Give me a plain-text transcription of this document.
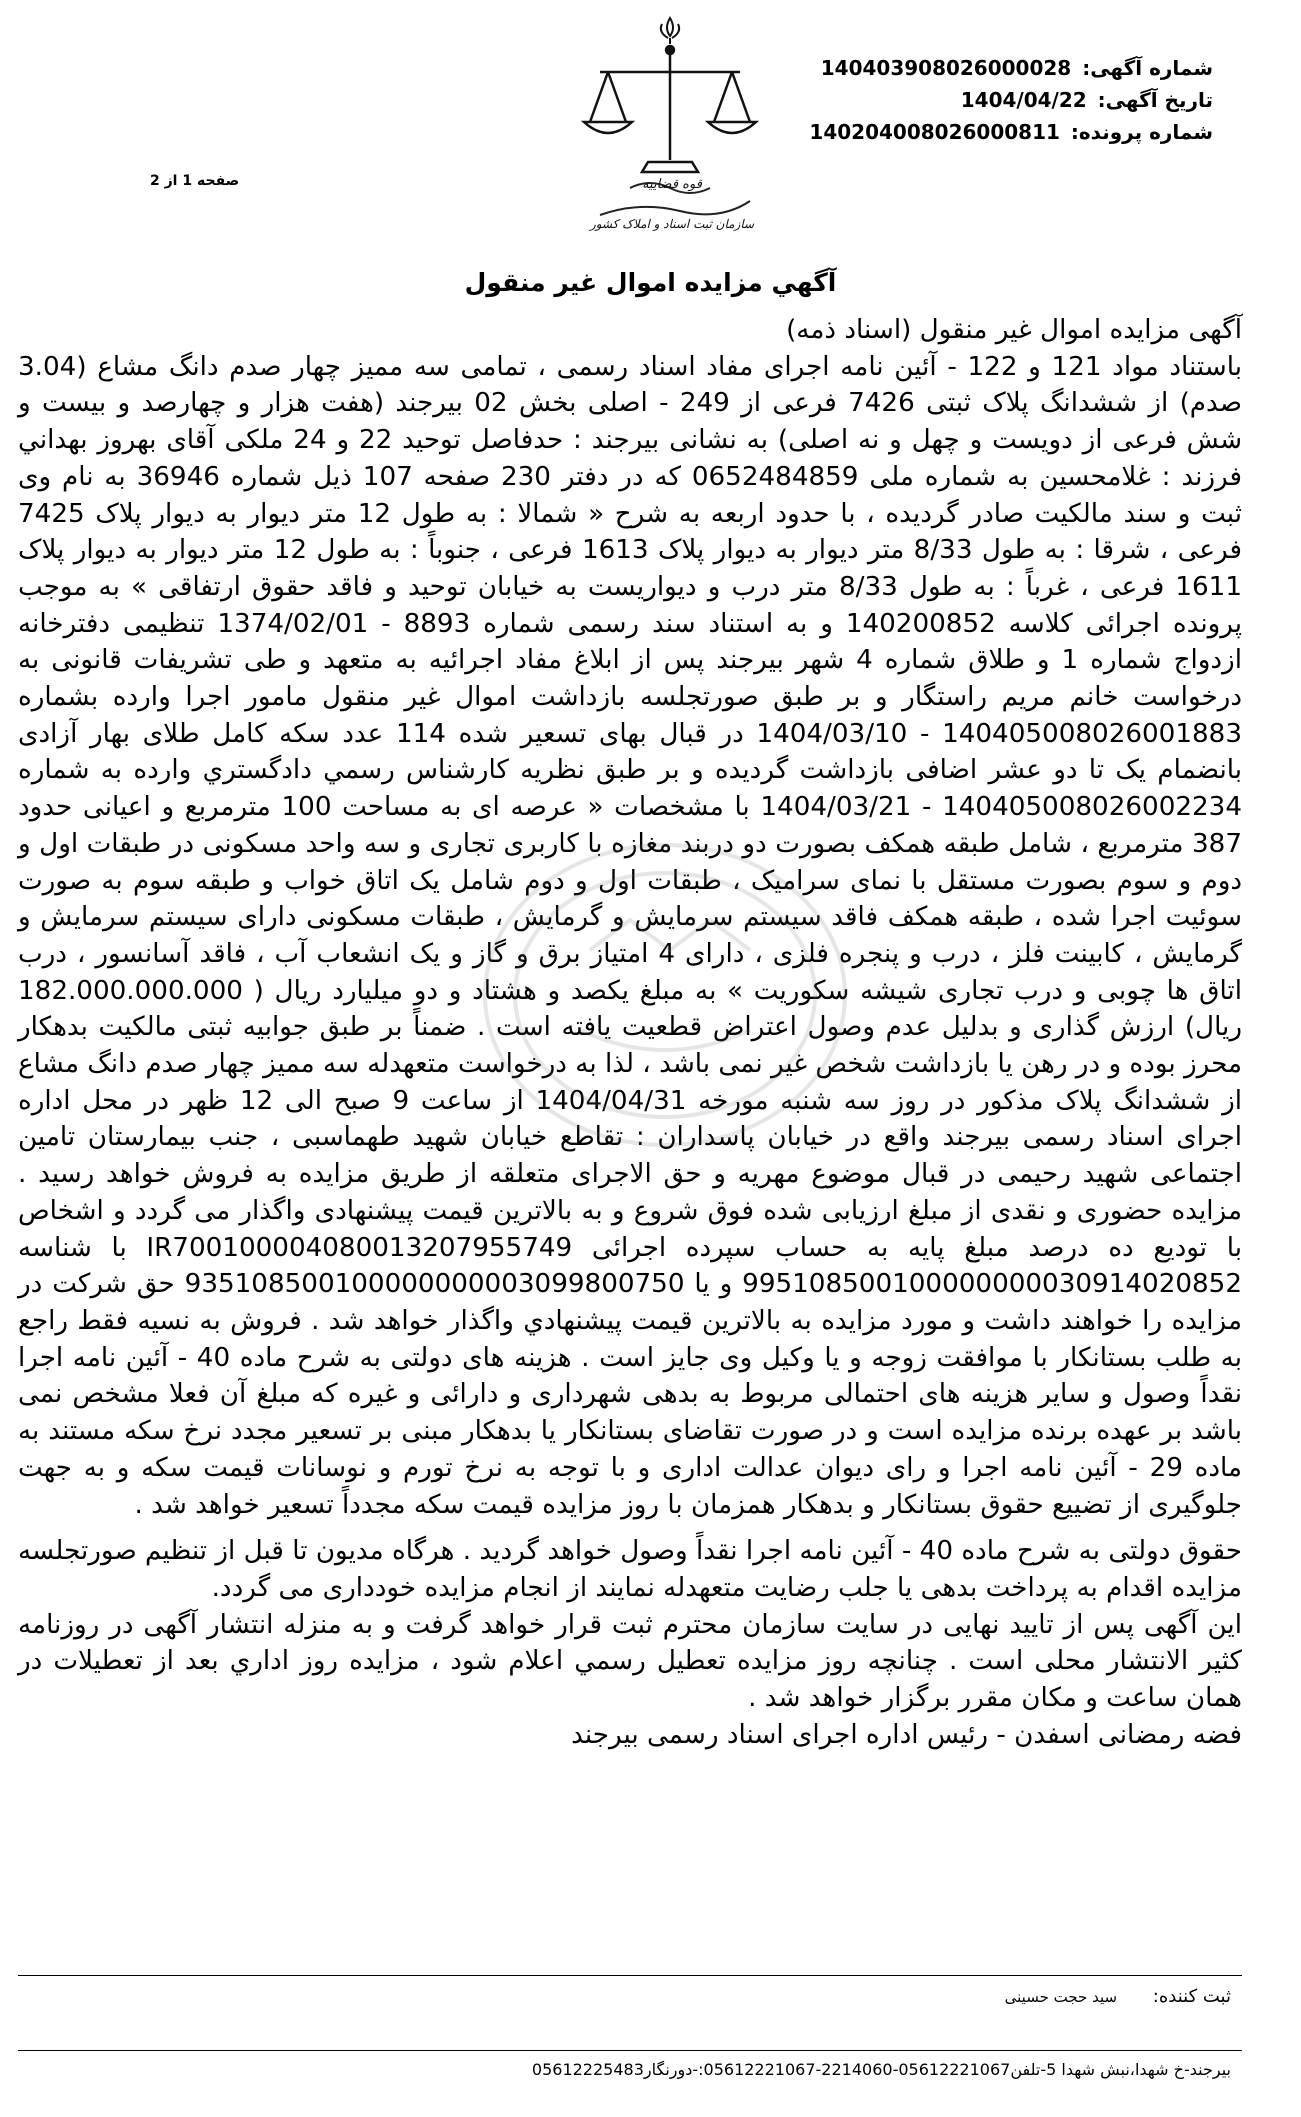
قوه قضاییه
سازمان ثبت اسناد و املاک کشور
صفحه 1 از 2
شماره آگهی: 140403908026000028
تاریخ آگهی: 1404/04/22
شماره پرونده: 140204008026000811
آگهي مزايده اموال غير منقول

آگهی مزایده اموال غیر منقول (اسناد ذمه)

باستناد مواد 121 و 122 - آئین نامه اجرای مفاد اسناد رسمی ، تمامی سه ممیز چهار صدم دانگ مشاع (3.04 صدم) از ششدانگ پلاک ثبتی 7426 فرعی از 249 - اصلی بخش 02 بیرجند (هفت هزار و چهارصد و بیست و شش فرعی از دویست و چهل و نه اصلی) به نشانی بیرجند : حدفاصل توحید 22 و 24 ملکی آقای بهروز بهداني فرزند : غلامحسین به شماره ملی 0652484859 که در دفتر 230 صفحه 107 ذیل شماره 36946 به نام وی ثبت و سند مالکیت صادر گردیده ، با حدود اربعه به شرح « شمالا : به طول 12 متر دیوار به دیوار پلاک 7425 فرعی ، شرقا : به طول 8/33 متر دیوار به دیوار پلاک 1613 فرعی ، جنوباً : به طول 12 متر دیوار به دیوار پلاک 1611 فرعی ، غرباً : به طول 8/33 متر درب و دیواریست به خیابان توحید و فاقد حقوق ارتفاقی » به موجب پرونده اجرائی کلاسه 140200852 و به استناد سند رسمی شماره 8893 - 1374/02/01 تنظیمی دفترخانه ازدواج شماره 1 و طلاق شماره 4 شهر بیرجند پس از ابلاغ مفاد اجرائیه به متعهد و طی تشریفات قانونی به درخواست خانم مریم راستگار و بر طبق صورتجلسه بازداشت اموال غیر منقول مامور اجرا وارده بشماره 140405008026001883 - 1404/03/10 در قبال بهای تسعیر شده 114 عدد سکه کامل طلای بهار آزادی بانضمام یک تا دو عشر اضافی بازداشت گردیده و بر طبق نظریه کارشناس رسمي دادگستري وارده به شماره 140405008026002234 - 1404/03/21 با مشخصات « عرصه ای به مساحت 100 مترمربع و اعیانی حدود 387 مترمربع ، شامل طبقه همکف بصورت دو دربند مغازه با کاربری تجاری و سه واحد مسکونی در طبقات اول و دوم و سوم بصورت مستقل با نمای سرامیک ، طبقات اول و دوم شامل یک اتاق خواب و طبقه سوم به صورت سوئیت اجرا شده ، طبقه همکف فاقد سیستم سرمایش و گرمایش ، طبقات مسکونی دارای سیستم سرمایش و گرمایش ، کابینت فلز ، درب و پنجره فلزی ، دارای 4 امتیاز برق و گاز و یک انشعاب آب ، فاقد آسانسور ، درب اتاق ها چوبی و درب تجاری شیشه سکوریت » به مبلغ یکصد و هشتاد و دو میلیارد ریال ( 182.000.000.000 ریال) ارزش گذاری و بدلیل عدم وصول اعتراض قطعیت یافته است . ضمناً بر طبق جوابیه ثبتی مالکیت بدهکار محرز بوده و در رهن یا بازداشت شخص غیر نمی باشد ، لذا به درخواست متعهدله سه ممیز چهار صدم دانگ مشاع از ششدانگ پلاک مذکور در روز سه شنبه مورخه 1404/04/31 از ساعت 9 صبح الی 12 ظهر در محل اداره اجرای اسناد رسمی بیرجند واقع در خیابان پاسداران : تقاطع خیابان شهید طهماسبی ، جنب بیمارستان تامین اجتماعی شهید رحیمی در قبال موضوع مهریه و حق الاجرای متعلقه از طریق مزایده به فروش خواهد رسید . مزایده حضوری و نقدی از مبلغ ارزیابی شده فوق شروع و به بالاترین قیمت پیشنهادی واگذار می گردد و اشخاص با تودیع ده درصد مبلغ پایه به حساب سپرده اجرائی IR700100004080013207955749 با شناسه 995108500100000000030914020852 و یا 935108500100000000003099800750 حق شرکت در مزایده را خواهند داشت و مورد مزایده به بالاترین قیمت پیشنهادي واگذار خواهد شد . فروش به نسیه فقط راجع به طلب بستانکار با موافقت زوجه و یا وکیل وی جایز است . هزینه های دولتی به شرح ماده 40 - آئین نامه اجرا نقداً وصول و سایر هزینه های احتمالی مربوط به بدهی شهرداری و دارائی و غیره که مبلغ آن فعلا مشخص نمی باشد بر عهده برنده مزایده است و در صورت تقاضای بستانکار یا بدهکار مبنی بر تسعیر مجدد نرخ سکه مستند به ماده 29 - آئین نامه اجرا و رای دیوان عدالت اداری و با توجه به نرخ تورم و نوسانات قیمت سکه و به جهت جلوگیری از تضییع حقوق بستانکار و بدهکار همزمان با روز مزایده قیمت سکه مجدداً تسعیر خواهد شد .

حقوق دولتی به شرح ماده 40 - آئین نامه اجرا نقداً وصول خواهد گردید . هرگاه مدیون تا قبل از تنظیم صورتجلسه مزایده اقدام به پرداخت بدهی یا جلب رضایت متعهدله نمایند از انجام مزایده خودداری می گردد.

این آگهی پس از تایید نهایی در سایت سازمان محترم ثبت قرار خواهد گرفت و به منزله انتشار آگهی در روزنامه کثیر الانتشار محلی است . چنانچه روز مزایده تعطیل رسمي اعلام شود ، مزایده روز اداري بعد از تعطیلات در همان ساعت و مکان مقرر برگزار خواهد شد .

فضه رمضانی اسفدن - رئیس اداره اجرای اسناد رسمی بیرجند

ثبت کننده: سید حجت حسینی
بیرجند-خ شهدا،نبش شهدا 5-تلفن05612221067-2214060-05612221067:-دورنگار05612225483
